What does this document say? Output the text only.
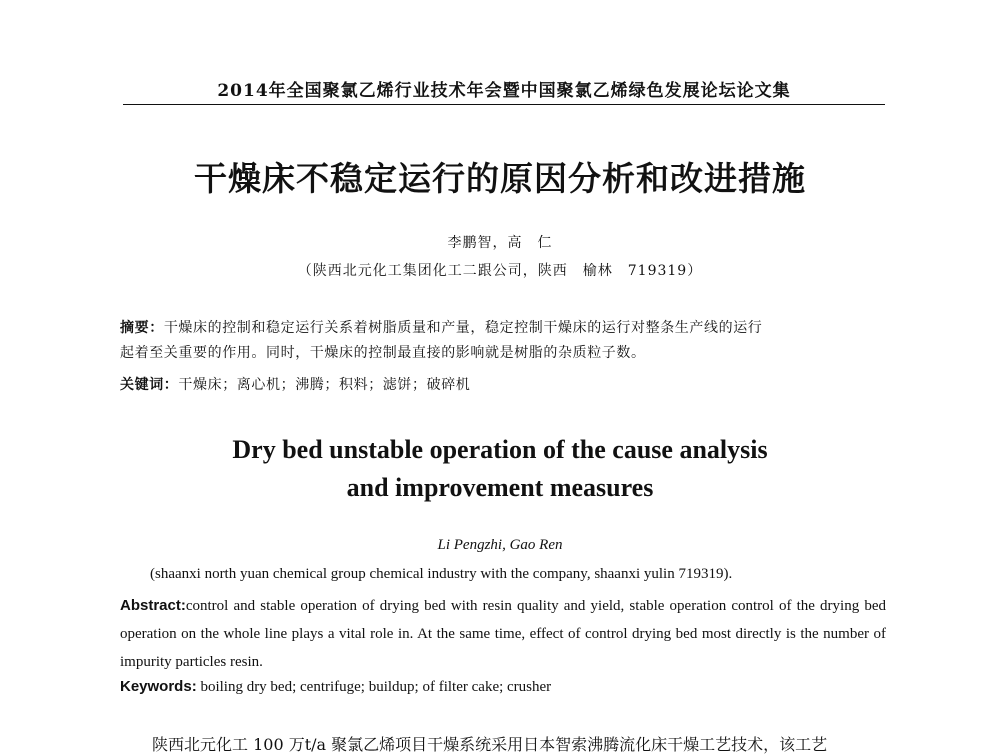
2014年全国聚氯乙烯行业技术年会暨中国聚氯乙烯绿色发展论坛论文集
干燥床不稳定运行的原因分析和改进措施
李鹏智，高　仁
（陕西北元化工集团化工二跟公司，陕西　榆林　719319）
摘要：干燥床的控制和稳定运行关系着树脂质量和产量，稳定控制干燥床的运行对整条生产线的运行
起着至关重要的作用。同时，干燥床的控制最直接的影响就是树脂的杂质粒子数。
关键词：干燥床；离心机；沸腾；积料；滤饼；破碎机
Dry bed unstable operation of the cause analysis
and improvement measures
Li Pengzhi, Gao Ren
(shaanxi north yuan chemical group chemical industry with the company, shaanxi yulin 719319).
Abstract:control and stable operation of drying bed with resin quality and yield, stable operation control of the drying bed operation on the whole line plays a vital role in. At the same time, effect of control drying bed most directly is the number of impurity particles resin.
Keywords: boiling dry bed; centrifuge; buildup; of filter cake; crusher
陕西北元化工 100 万t/a 聚氯乙烯项目干燥系统采用日本智索沸腾流化床干燥工艺技术，该工艺
